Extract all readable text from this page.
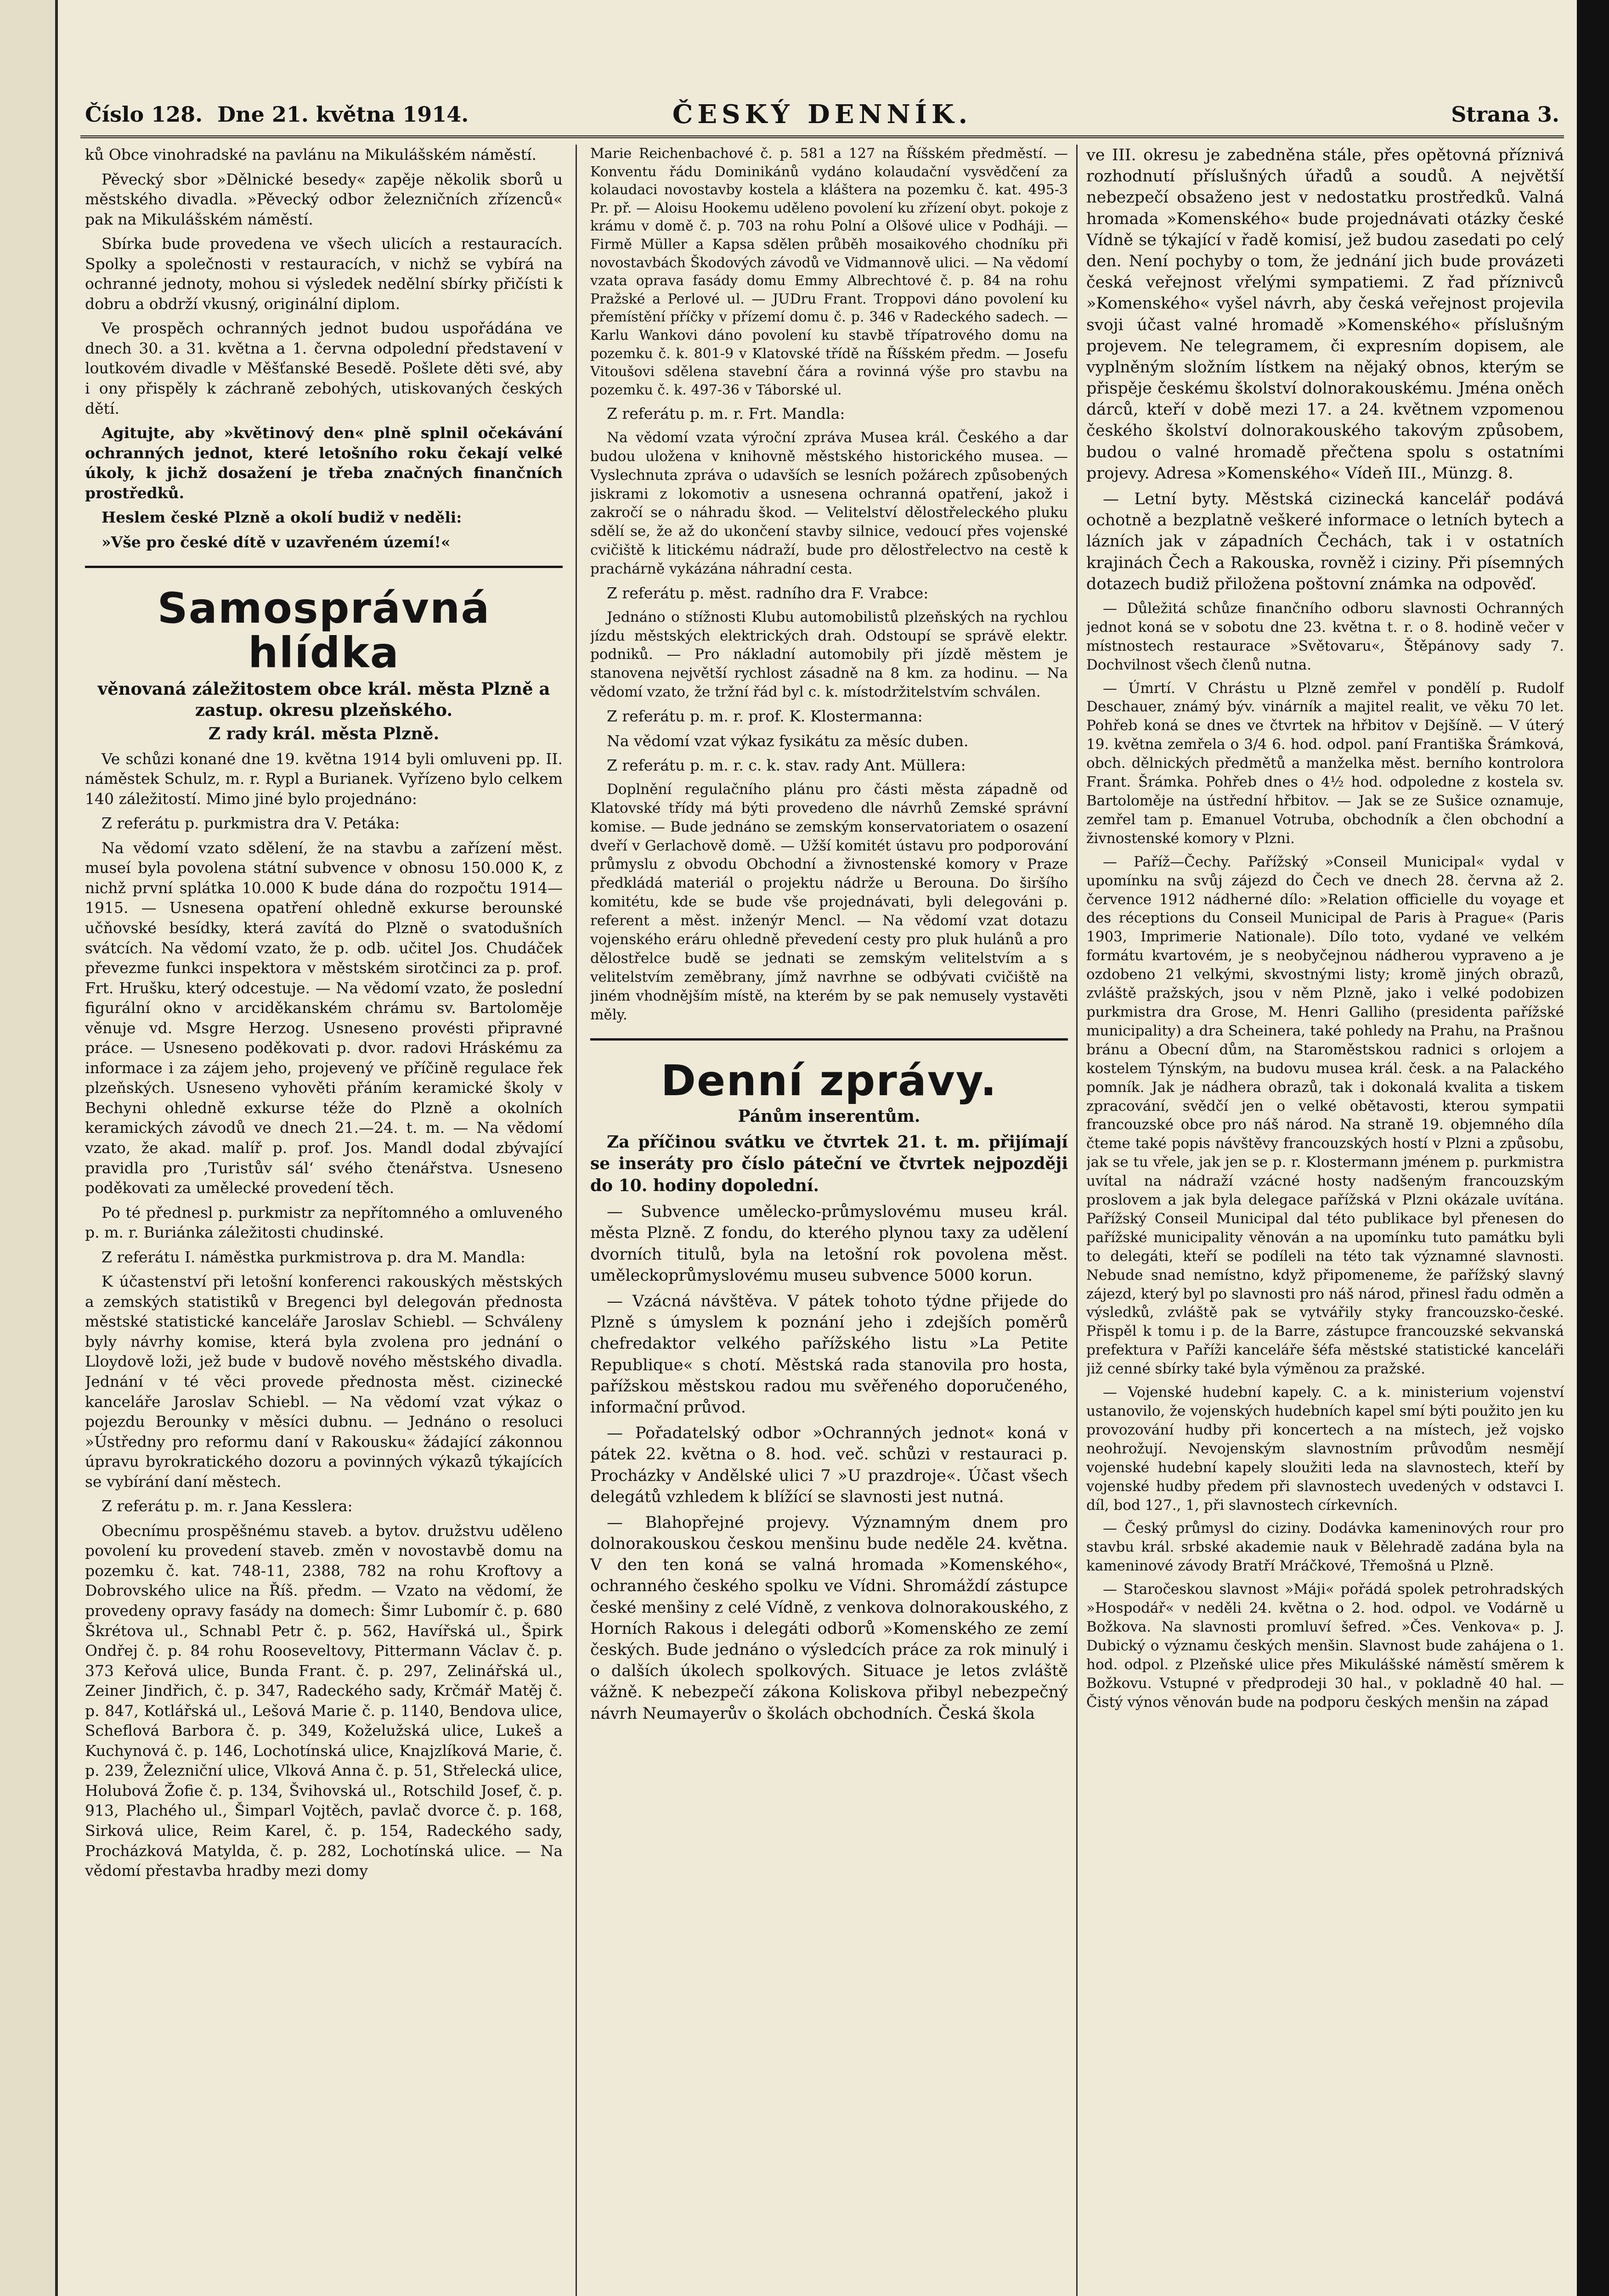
Číslo 128. Dne 21. května 1914.	ČESKÝ DENNÍK.	Strana 3.

ků Obce vinohradské na pavlánu na Mikulášském náměstí.

Pěvecký sbor »Dělnické besedy« zapěje několik sborů u městského divadla. »Pěvecký odbor železničních zřízenců« pak na Mikulášském náměstí.

Sbírka bude provedena ve všech ulicích a restauracích. Spolky a společnosti v restauracích, v nichž se vybírá na ochranné jednoty, mohou si výsledek nedělní sbírky přičísti k dobru a obdrží vkusný, originální diplom.

Ve prospěch ochranných jednot budou uspořádána ve dnech 30. a 31. května a 1. června odpolední představení v loutkovém divadle v Měšťanské Besedě. Pošlete děti své, aby i ony přispěly k záchraně zebohých, utiskovaných českých dětí.

Agitujte, aby »květinový den« plně splnil očekávání ochranných jednot, které letošního roku čekají velké úkoly, k jichž dosažení je třeba značných finančních prostředků.

Heslem české Plzně a okolí budiž v neděli:

»Vše pro české dítě v uzavřeném území!«

Samosprávná hlídka
věnovaná záležitostem obce král. města Plzně a zastup. okresu plzeňského.
Z rady král. města Plzně.

Ve schůzi konané dne 19. května 1914 byli omluveni pp. II. náměstek Schulz, m. r. Rypl a Burianek. Vyřízeno bylo celkem 140 záležitostí. Mimo jiné bylo projednáno:

Z referátu p. purkmistra dra V. Petáka:

Na vědomí vzato sdělení, že na stavbu a zařízení měst. museí byla povolena státní subvence v obnosu 150.000 K, z nichž první splátka 10.000 K bude dána do rozpočtu 1914—1915. — Usnesena opatření ohledně exkurse berounské učňovské besídky, která zavítá do Plzně o svatodušních svátcích. Na vědomí vzato, že p. odb. učitel Jos. Chudáček převezme funkci inspektora v městském sirotčinci za p. prof. Frt. Hrušku, který odcestuje. — Na vědomí vzato, že poslední figurální okno v arciděkanském chrámu sv. Bartoloměje věnuje vd. Msgre Herzog. Usneseno provésti připravné práce. — Usneseno poděkovati p. dvor. radovi Hráskému za informace i za zájem jeho, projevený ve příčině regulace řek plzeňských. Usneseno vyhověti přáním keramické školy v Bechyni ohledně exkurse téže do Plzně a okolních keramických závodů ve dnech 21.—24. t. m. — Na vědomí vzato, že akad. malíř p. prof. Jos. Mandl dodal zbývající pravidla pro ‚Turistův sál‘ svého čtenářstva. Usneseno poděkovati za umělecké provedení těch.

Po té přednesl p. purkmistr za nepřítomného a omluveného p. m. r. Buriánka záležitosti chudinské.

Z referátu I. náměstka purkmistrova p. dra M. Mandla:

K účastenství při letošní konferenci rakouských městských a zemských statistiků v Bregenci byl delegován přednosta městské statistické kanceláře Jaroslav Schiebl. — Schváleny byly návrhy komise, která byla zvolena pro jednání o Lloydově loži, jež bude v budově nového městského divadla. Jednání v té věci provede přednosta měst. cizinecké kanceláře Jaroslav Schiebl. — Na vědomí vzat výkaz o pojezdu Berounky v měsíci dubnu. — Jednáno o resoluci »Ústředny pro reformu daní v Rakousku« žádající zákonnou úpravu byrokratického dozoru a povinných výkazů týkajících se vybírání daní městech.

Z referátu p. m. r. Jana Kesslera:

Obecnímu prospěšnému staveb. a bytov. družstvu uděleno povolení ku provedení staveb. změn v novostavbě domu na pozemku č. kat. 748-11, 2388, 782 na rohu Kroftovy a Dobrovského ulice na Říš. předm. — Vzato na vědomí, že provedeny opravy fasády na domech: Šimr Lubomír č. p. 680 Škrétova ul., Schnabl Petr č. p. 562, Havířská ul., Špirk Ondřej č. p. 84 rohu Rooseveltovy, Pittermann Václav č. p. 373 Keřová ulice, Bunda Frant. č. p. 297, Zelinářská ul., Zeiner Jindřich, č. p. 347, Radeckého sady, Krčmář Matěj č. p. 847, Kotlářská ul., Lešová Marie č. p. 1140, Bendova ulice, Scheflová Barbora č. p. 349, Koželužská ulice, Lukeš a Kuchynová č. p. 146, Lochotínská ulice, Knajzlíková Marie, č. p. 239, Železniční ulice, Vlková Anna č. p. 51, Střelecká ulice, Holubová Žofie č. p. 134, Švihovská ul., Rotschild Josef, č. p. 913, Plachého ul., Šimparl Vojtěch, pavlač dvorce č. p. 168, Sirková ulice, Reim Karel, č. p. 154, Radeckého sady, Procházková Matylda, č. p. 282, Lochotínská ulice. — Na vědomí přestavba hradby mezi domy

Marie Reichenbachové č. p. 581 a 127 na Říšském předměstí. — Konventu řádu Dominikánů vydáno kolaudační vysvědčení za kolaudaci novostavby kostela a kláštera na pozemku č. kat. 495-3 Pr. př. — Aloisu Hookemu uděleno povolení ku zřízení obyt. pokoje z krámu v domě č. p. 703 na rohu Polní a Olšové ulice v Podháji. — Firmě Müller a Kapsa sdělen průběh mosaikového chodníku při novostavbách Škodových závodů ve Vidmannově ulici. — Na vědomí vzata oprava fasády domu Emmy Albrechtové č. p. 84 na rohu Pražské a Perlové ul. — JUDru Frant. Troppovi dáno povolení ku přemístění příčky v přízemí domu č. p. 346 v Radeckého sadech. — Karlu Wankovi dáno povolení ku stavbě třípatrového domu na pozemku č. k. 801-9 v Klatovské třídě na Říšském předm. — Josefu Vitoušovi sdělena stavební čára a rovinná výše pro stavbu na pozemku č. k. 497-36 v Táborské ul.

Z referátu p. m. r. Frt. Mandla:

Na vědomí vzata výroční zpráva Musea král. Českého a dar budou uložena v knihovně městského historického musea. — Vyslechnuta zpráva o udavších se lesních požárech způsobených jiskrami z lokomotiv a usnesena ochranná opatření, jakož i zakročí se o náhradu škod. — Velitelství dělostřeleckého pluku sdělí se, že až do ukončení stavby silnice, vedoucí přes vojenské cvičiště k litickému nádraží, bude pro dělostřelectvo na cestě k prachárně vykázána náhradní cesta.

Z referátu p. měst. radního dra F. Vrabce:

Jednáno o stížnosti Klubu automobilistů plzeňských na rychlou jízdu městských elektrických drah. Odstoupí se správě elektr. podniků. — Pro nákladní automobily při jízdě městem je stanovena největší rychlost zásadně na 8 km. za hodinu. — Na vědomí vzato, že tržní řád byl c. k. místodržitelstvím schválen.

Z referátu p. m. r. prof. K. Klostermanna:

Na vědomí vzat výkaz fysikátu za měsíc duben.

Z referátu p. m. r. c. k. stav. rady Ant. Müllera:

Doplnění regulačního plánu pro části města západně od Klatovské třídy má býti provedeno dle návrhů Zemské správní komise. — Bude jednáno se zemským konservatoriatem o osazení dveří v Gerlachově domě. — Užší komitét ústavu pro podporování průmyslu z obvodu Obchodní a živnostenské komory v Praze předkládá materiál o projektu nádrže u Berouna. Do širšího komitétu, kde se bude vše projednávati, byli delegováni p. referent a měst. inženýr Mencl. — Na vědomí vzat dotazu vojenského eráru ohledně převedení cesty pro pluk hulánů a pro dělostřelce budě se jednati se zemským velitelstvím a s velitelstvím zeměbrany, jímž navrhne se odbývati cvičiště na jiném vhodnějším místě, na kterém by se pak nemusely vystavěti měly.

Denní zprávy.
Pánům inserentům.

Za příčinou svátku ve čtvrtek 21. t. m. přijímají se inseráty pro číslo páteční ve čtvrtek nejpozději do 10. hodiny dopolední.

— Subvence umělecko-průmyslovému museu král. města Plzně. Z fondu, do kterého plynou taxy za udělení dvorních titulů, byla na letošní rok povolena měst. uměleckoprůmyslovému museu subvence 5000 korun.

— Vzácná návštěva. V pátek tohoto týdne přijede do Plzně s úmyslem k poznání jeho i zdejších poměrů chefredaktor velkého pařížského listu »La Petite Republique« s chotí. Městská rada stanovila pro hosta, pařížskou městskou radou mu svěřeného doporučeného, informační průvod.

— Pořadatelský odbor »Ochranných jednot« koná v pátek 22. května o 8. hod. več. schůzi v restauraci p. Procházky v Andělské ulici 7 »U prazdroje«. Účast všech delegátů vzhledem k blížící se slavnosti jest nutná.

— Blahopřejné projevy. Významným dnem pro dolnorakouskou českou menšinu bude neděle 24. května. V den ten koná se valná hromada »Komenského«, ochranného českého spolku ve Vídni. Shromáždí zástupce české menšiny z celé Vídně, z venkova dolnorakouského, z Horních Rakous i delegáti odborů »Komenského ze zemí českých. Bude jednáno o výsledcích práce za rok minulý i o dalších úkolech spolkových. Situace je letos zvláště vážně. K nebezpečí zákona Koliskova přibyl nebezpečný návrh Neumayerův o školách obchodních. Česká škola

ve III. okresu je zabedněna stále, přes opětovná příznivá rozhodnutí příslušných úřadů a soudů. A největší nebezpečí obsaženo jest v nedostatku prostředků. Valná hromada »Komenského« bude projednávati otázky české Vídně se týkající v řadě komisí, jež budou zasedati po celý den. Není pochyby o tom, že jednání jich bude provázeti česká veřejnost vřelými sympatiemi. Z řad příznivců »Komenského« vyšel návrh, aby česká veřejnost projevila svoji účast valné hromadě »Komenského« příslušným projevem. Ne telegramem, či expresním dopisem, ale vyplněným složním lístkem na nějaký obnos, kterým se přispěje českému školství dolnorakouskému. Jména oněch dárců, kteří v době mezi 17. a 24. květnem vzpomenou českého školství dolnorakouského takovým způsobem, budou o valné hromadě přečtena spolu s ostatními projevy. Adresa »Komenského« Vídeň III., Münzg. 8.

— Letní byty. Městská cizinecká kancelář podává ochotně a bezplatně veškeré informace o letních bytech a lázních jak v západních Čechách, tak i v ostatních krajinách Čech a Rakouska, rovněž i ciziny. Při písemných dotazech budiž přiložena poštovní známka na odpověď.

— Důležitá schůze finančního odboru slavnosti Ochranných jednot koná se v sobotu dne 23. května t. r. o 8. hodině večer v místnostech restaurace »Světovaru«, Štěpánovy sady 7. Dochvilnost všech členů nutna.

— Úmrtí. V Chrástu u Plzně zemřel v pondělí p. Rudolf Deschauer, známý býv. vinárník a majitel realit, ve věku 70 let. Pohřeb koná se dnes ve čtvrtek na hřbitov v Dejšíně. — V úterý 19. května zemřela o 3/4 6. hod. odpol. paní Františka Šrámková, obch. dělnických předmětů a manželka měst. berního kontrolora Frant. Šrámka. Pohřeb dnes o 4½ hod. odpoledne z kostela sv. Bartoloměje na ústřední hřbitov. — Jak se ze Sušice oznamuje, zemřel tam p. Emanuel Votruba, obchodník a člen obchodní a živnostenské komory v Plzni.

— Paříž—Čechy. Pařížský »Conseil Municipal« vydal v upomínku na svůj zájezd do Čech ve dnech 28. června až 2. července 1912 nádherné dílo: »Relation officielle du voyage et des réceptions du Conseil Municipal de Paris à Prague« (Paris 1903, Imprimerie Nationale). Dílo toto, vydané ve velkém formátu kvartovém, je s neobyčejnou nádherou vypraveno a je ozdobeno 21 velkými, skvostnými listy; kromě jiných obrazů, zvláště pražských, jsou v něm Plzně, jako i velké podobizen purkmistra dra Grose, M. Henri Galliho (presidenta pařížské municipality) a dra Scheinera, také pohledy na Prahu, na Prašnou bránu a Obecní dům, na Staroměstskou radnici s orlojem a kostelem Týnským, na budovu musea král. česk. a na Palackého pomník. Jak je nádhera obrazů, tak i dokonalá kvalita a tiskem zpracování, svědčí jen o velké obětavosti, kterou sympatii francouzské obce pro náš národ. Na straně 19. objemného díla čteme také popis návštěvy francouzských hostí v Plzni a způsobu, jak se tu vřele, jak jen se p. r. Klostermann jménem p. purkmistra uvítal na nádraží vzácné hosty nadšeným francouzským proslovem a jak byla delegace pařížská v Plzni okázale uvítána. Pařížský Conseil Municipal dal této publikace byl přenesen do pařížské municipality věnován a na upomínku tuto památku byli to delegáti, kteří se podíleli na této tak významné slavnosti. Nebude snad nemístno, když připomeneme, že pařížský slavný zájezd, který byl po slavnosti pro náš národ, přinesl řadu odměn a výsledků, zvláště pak se vytvářily styky francouzsko-české. Přispěl k tomu i p. de la Barre, zástupce francouzské sekvanská prefektura v Paříži kanceláře šéfa městské statistické kanceláři již cenné sbírky také byla výměnou za pražské.

— Vojenské hudební kapely. C. a k. ministerium vojenství ustanovilo, že vojenských hudebních kapel smí býti použito jen ku provozování hudby při koncertech a na místech, jež vojsko neohrožují. Nevojenským slavnostním průvodům nesmějí vojenské hudební kapely sloužiti leda na slavnostech, kteří by vojenské hudby předem při slavnostech uvedených v odstavci I. díl, bod 127., 1, při slavnostech církevních.

— Český průmysl do ciziny. Dodávka kameninových rour pro stavbu král. srbské akademie nauk v Bělehradě zadána byla na kameninové závody Bratří Mráčkové, Třemošná u Plzně.

— Staročeskou slavnost »Máji« pořádá spolek petrohradských »Hospodář« v neděli 24. května o 2. hod. odpol. ve Vodárně u Božkova. Na slavnosti promluví šefred. »Čes. Venkova« p. J. Dubický o významu českých menšin. Slavnost bude zahájena o 1. hod. odpol. z Plzeňské ulice přes Mikulášské náměstí směrem k Božkovu. Vstupné v předprodeji 30 hal., v pokladně 40 hal. — Čistý výnos věnován bude na podporu českých menšin na západ
